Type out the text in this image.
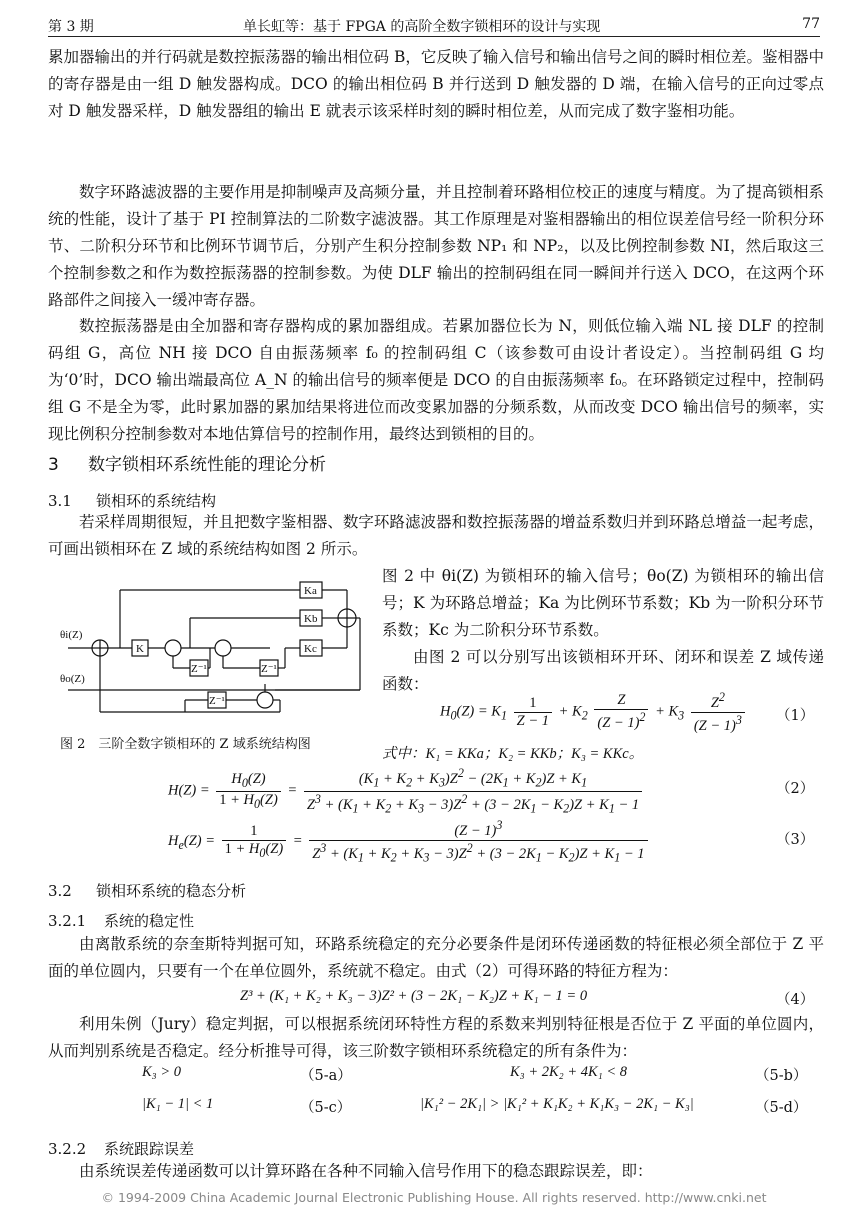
第 3 期	单长虹等：基于 FPGA 的高阶全数字锁相环的设计与实现	77
累加器输出的并行码就是数控振荡器的输出相位码 B，它反映了输入信号和输出信号之间的瞬时相位差。鉴相器中的寄存器是由一组 D 触发器构成。DCO 的输出相位码 B 并行送到 D 触发器的 D 端，在输入信号的正向过零点对 D 触发器采样，D 触发器组的输出 E 就表示该采样时刻的瞬时相位差，从而完成了数字鉴相功能。
数字环路滤波器的主要作用是抑制噪声及高频分量，并且控制着环路相位校正的速度与精度。为了提高锁相系统的性能，设计了基于 PI 控制算法的二阶数字滤波器。其工作原理是对鉴相器输出的相位误差信号经一阶积分环节、二阶积分环节和比例环节调节后，分别产生积分控制参数 NP₁ 和 NP₂，以及比例控制参数 NI，然后取这三个控制参数之和作为数控振荡器的控制参数。为使 DLF 输出的控制码组在同一瞬间并行送入 DCO，在这两个环路部件之间接入一缓冲寄存器。
数控振荡器是由全加器和寄存器构成的累加器组成。若累加器位长为 N，则低位输入端 NL 接 DLF 的控制码组 G，高位 NH 接 DCO 自由振荡频率 f₀ 的控制码组 C（该参数可由设计者设定）。当控制码组 G 均为‘0’时，DCO 输出端最高位 A_N 的输出信号的频率便是 DCO 的自由振荡频率 f₀。在环路锁定过程中，控制码组 G 不是全为零，此时累加器的累加结果将进位而改变累加器的分频系数，从而改变 DCO 输出信号的频率，实现比例积分控制参数对本地估算信号的控制作用，最终达到锁相的目的。
3 数字锁相环系统性能的理论分析
3.1 锁相环的系统结构
若采样周期很短，并且把数字鉴相器、数字环路滤波器和数控振荡器的增益系数归并到环路总增益一起考虑，可画出锁相环在 Z 域的系统结构如图 2 所示。
θi(Z)
θo(Z)
K
Ka
Kb
Kc
Z⁻¹	Z⁻¹
Z⁻¹
图 2　三阶全数字锁相环的 Z 域系统结构图
图 2 中 θi(Z) 为锁相环的输入信号；θo(Z) 为锁相环的输出信号；K 为环路总增益；Ka 为比例环节系数；Kb 为一阶积分环节系数；Kc 为二阶积分环节系数。
由图 2 可以分别写出该锁相环开环、闭环和误差 Z 域传递函数：
$H_0(Z) = K_1 \frac{1}{Z - 1} + K_2 \frac{Z}{(Z - 1)^2} + K_3 \frac{Z^2}{(Z - 1)^3} (1)$
式中：K₁ = KKa；K₂ = KKb；K₃ = KKc。
$H(Z) = \frac{H_0(Z)}{1 + H_0(Z)} = \frac{(K_1 + K_2 + K_3)Z^2 - (2K_1 + K_2)Z + K_1}{Z^3 + (K_1 + K_2 + K_3 - 3)Z^2 + (3 - 2K_1 - K_2)Z + K_1 - 1}$	（2）
$H_e(Z) = \frac{1}{1 + H_0(Z)} = \frac{(Z - 1)^3}{Z^3 + (K_1 + K_2 + K_3 - 3)Z^2 + (3 - 2K_1 - K_2)Z + K_1 - 1}$	（3）
3.2 锁相环系统的稳态分析
3.2.1 系统的稳定性
由离散系统的奈奎斯特判据可知，环路系统稳定的充分必要条件是闭环传递函数的特征根必须全部位于 Z 平面的单位圆内，只要有一个在单位圆外，系统就不稳定。由式（2）可得环路的特征方程为：
Z³ + (K₁ + K₂ + K₃ − 3)Z² + (3 − 2K₁ − K₂)Z + K₁ − 1 = 0	（4）
利用朱例（Jury）稳定判据，可以根据系统闭环特性方程的系数来判别特征根是否位于 Z 平面的单位圆内，从而判别系统是否稳定。经分析推导可得，该三阶数字锁相环系统稳定的所有条件为：
K₃ > 0	（5-a）	K₃ + 2K₂ + 4K₁ < 8	（5-b）
|K₁ − 1| < 1	（5-c）	|K₁² − 2K₁| > |K₁² + K₁K₂ + K₁K₃ − 2K₁ − K₃|	（5-d）
3.2.2 系统跟踪误差
由系统误差传递函数可以计算环路在各种不同输入信号作用下的稳态跟踪误差，即：
© 1994-2009 China Academic Journal Electronic Publishing House. All rights reserved. http://www.cnki.net
